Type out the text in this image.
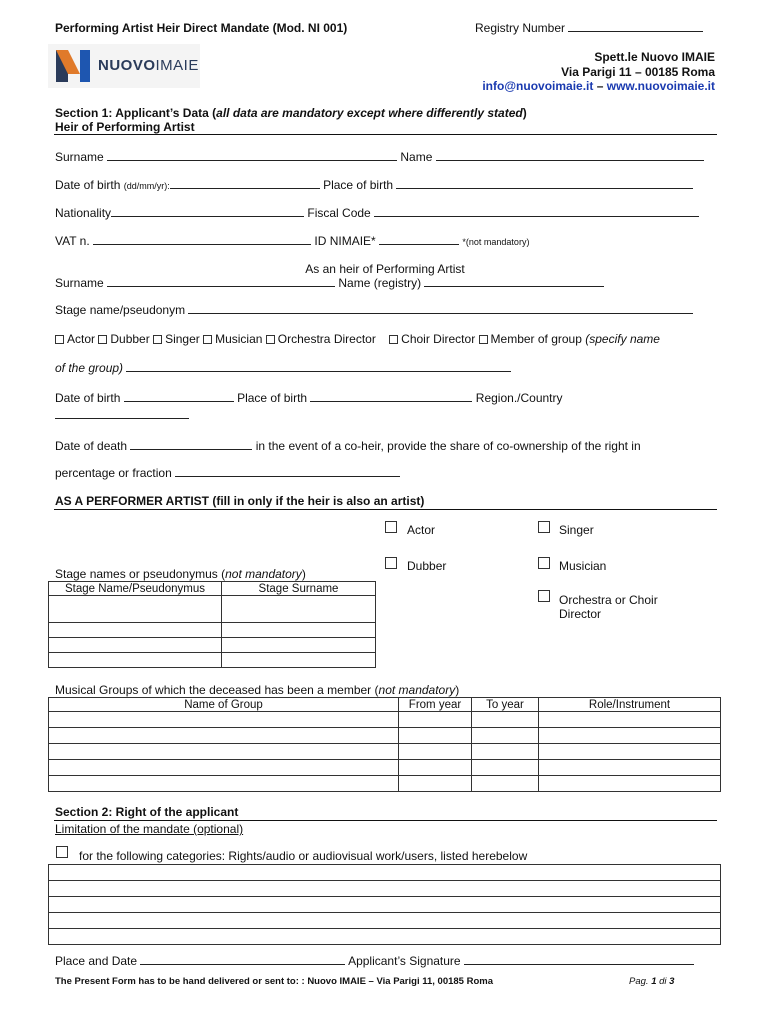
Performing Artist Heir Direct Mandate (Mod. NI 001)	Registry Number
NUOVOIMAIE	Spett.le Nuovo IMAIE
Via Parigi 11 – 00185 Roma
info@nuovoimaie.it – www.nuovoimaie.it
Section 1: Applicant’s Data (all data are mandatory except where differently stated)
Heir of Performing Artist
Surname	Name
Date of birth (dd/mm/yr):	Place of birth
Nationality	Fiscal Code
VAT n.	ID NIMAIE*	*(not mandatory)
As an heir of Performing Artist
Surname	Name (registry)
Stage name/pseudonym
Actor Dubber Singer Musician Orchestra Director Choir Director Member of group (specify name
of the group)
Date of birth	Place of birth	Region./Country
Date of death	in the event of a co-heir, provide the share of co-ownership of the right in
percentage or fraction
AS A PERFORMER ARTIST (fill in only if the heir is also an artist)
Actor	Singer
Dubber	Musician
Orchestra or Choir
Director
Stage names or pseudonymus (not mandatory)
Stage Name/Pseudonymus	Stage Surname

Musical Groups of which the deceased has been a member (not mandatory)
Name of Group	From year	To year	Role/Instrument

Section 2: Right of the applicant
Limitation of the mandate (optional)
for the following categories: Rights/audio or audiovisual work/users, listed herebelow

Place and Date	Applicant’s Signature
The Present Form has to be hand delivered or sent to: : Nuovo IMAIE – Via Parigi 11, 00185 Roma	Pag. 1 di 3
